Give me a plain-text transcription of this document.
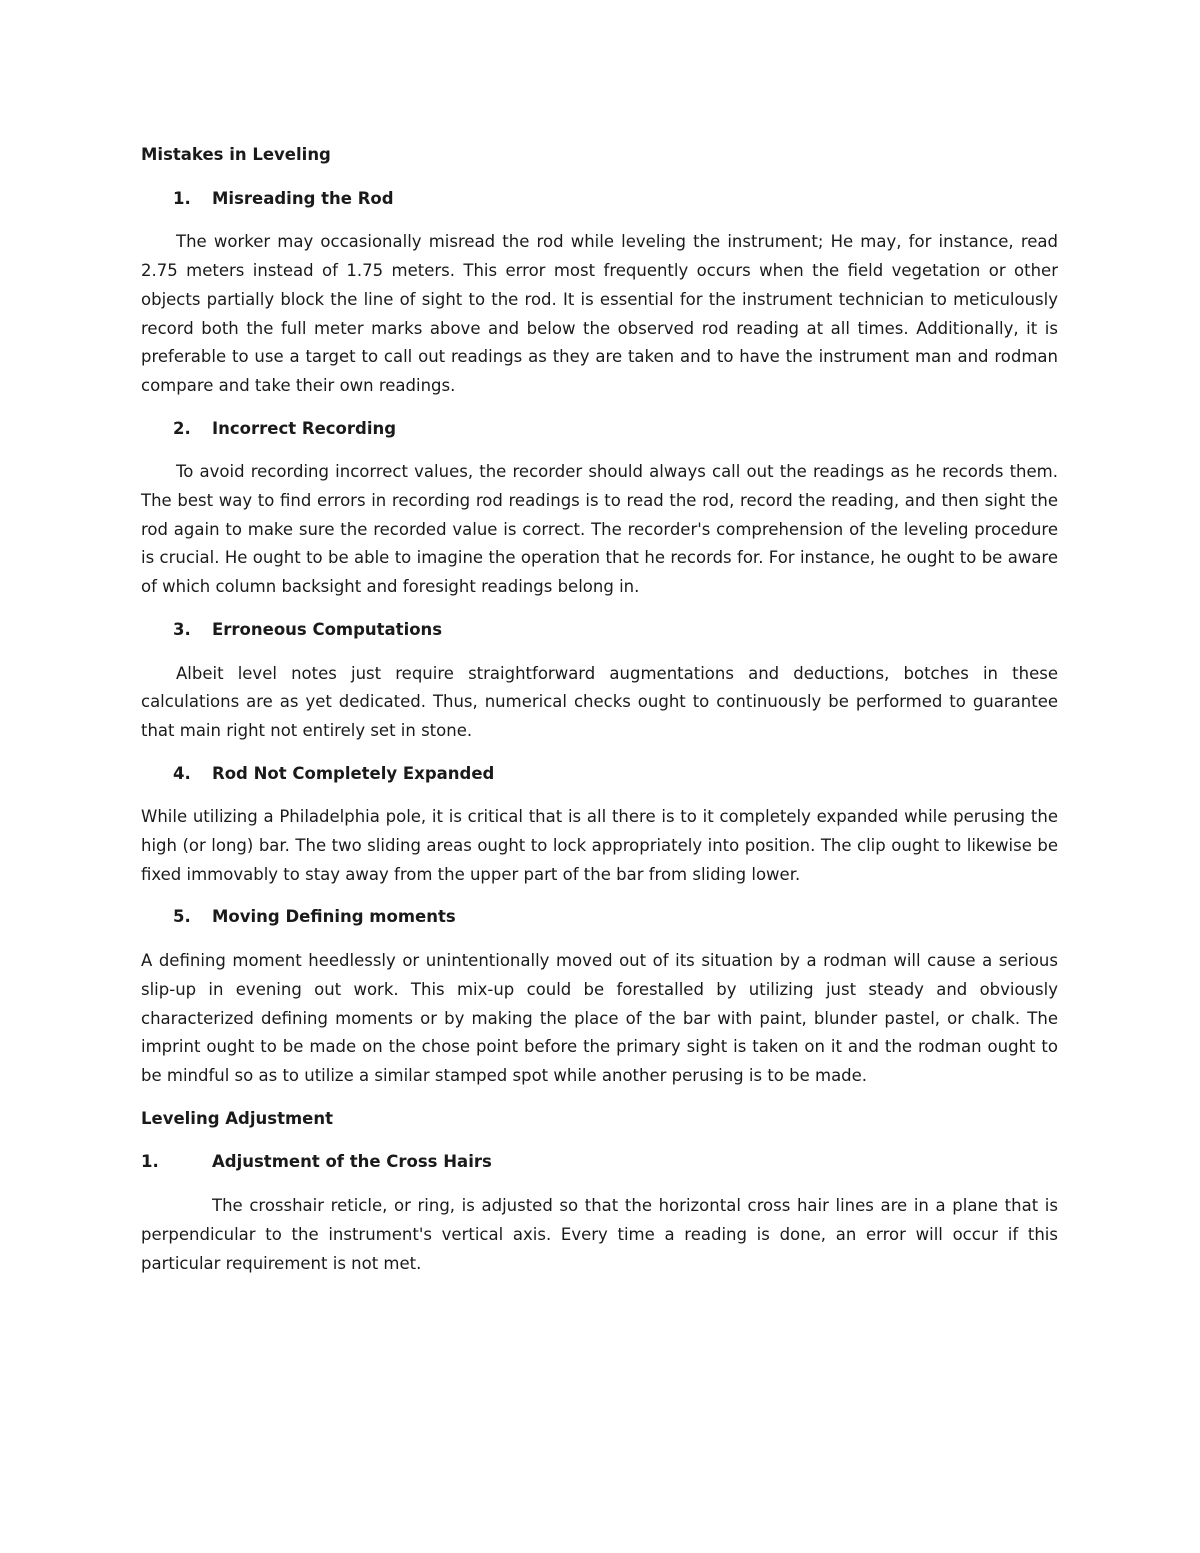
Mistakes in Leveling
1.	Misreading the Rod

The worker may occasionally misread the rod while leveling the instrument; He may, for instance, read 2.75 meters instead of 1.75 meters. This error most frequently occurs when the field vegetation or other objects partially block the line of sight to the rod. It is essential for the instrument technician to meticulously record both the full meter marks above and below the observed rod reading at all times. Additionally, it is preferable to use a target to call out readings as they are taken and to have the instrument man and rodman compare and take their own readings.

2.	Incorrect Recording

To avoid recording incorrect values, the recorder should always call out the readings as he records them. The best way to find errors in recording rod readings is to read the rod, record the reading, and then sight the rod again to make sure the recorded value is correct. The recorder's comprehension of the leveling procedure is crucial. He ought to be able to imagine the operation that he records for. For instance, he ought to be aware of which column backsight and foresight readings belong in.

3.	Erroneous Computations

Albeit level notes just require straightforward augmentations and deductions, botches in these calculations are as yet dedicated. Thus, numerical checks ought to continuously be performed to guarantee that main right not entirely set in stone.

4.	Rod Not Completely Expanded

While utilizing a Philadelphia pole, it is critical that is all there is to it completely expanded while perusing the high (or long) bar. The two sliding areas ought to lock appropriately into position. The clip ought to likewise be fixed immovably to stay away from the upper part of the bar from sliding lower.

5.	Moving Defining moments

A defining moment heedlessly or unintentionally moved out of its situation by a rodman will cause a serious slip-up in evening out work. This mix-up could be forestalled by utilizing just steady and obviously characterized defining moments or by making the place of the bar with paint, blunder pastel, or chalk. The imprint ought to be made on the chose point before the primary sight is taken on it and the rodman ought to be mindful so as to utilize a similar stamped spot while another perusing is to be made.

Leveling Adjustment
1.	Adjustment of the Cross Hairs

The crosshair reticle, or ring, is adjusted so that the horizontal cross hair lines are in a plane that is perpendicular to the instrument's vertical axis. Every time a reading is done, an error will occur if this particular requirement is not met.
